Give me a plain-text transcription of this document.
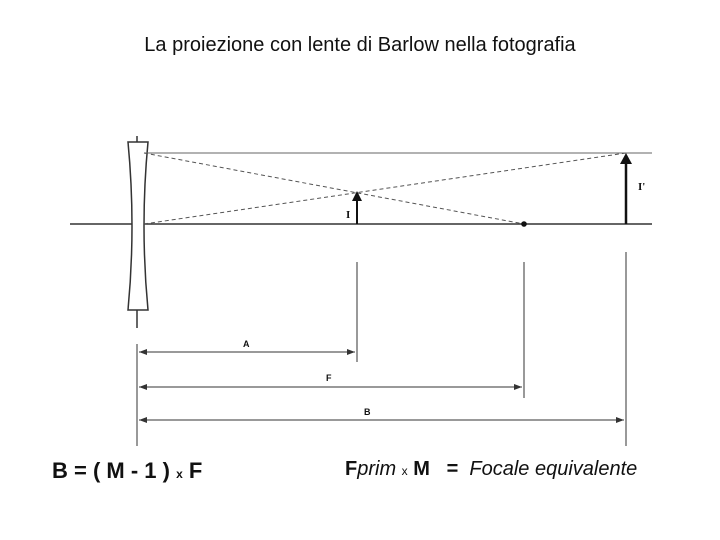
La proiezione con lente di Barlow nella fotografia
I
I'
A
F
B
B = ( M - 1 ) x F	Fprim x M = Focale equivalente
